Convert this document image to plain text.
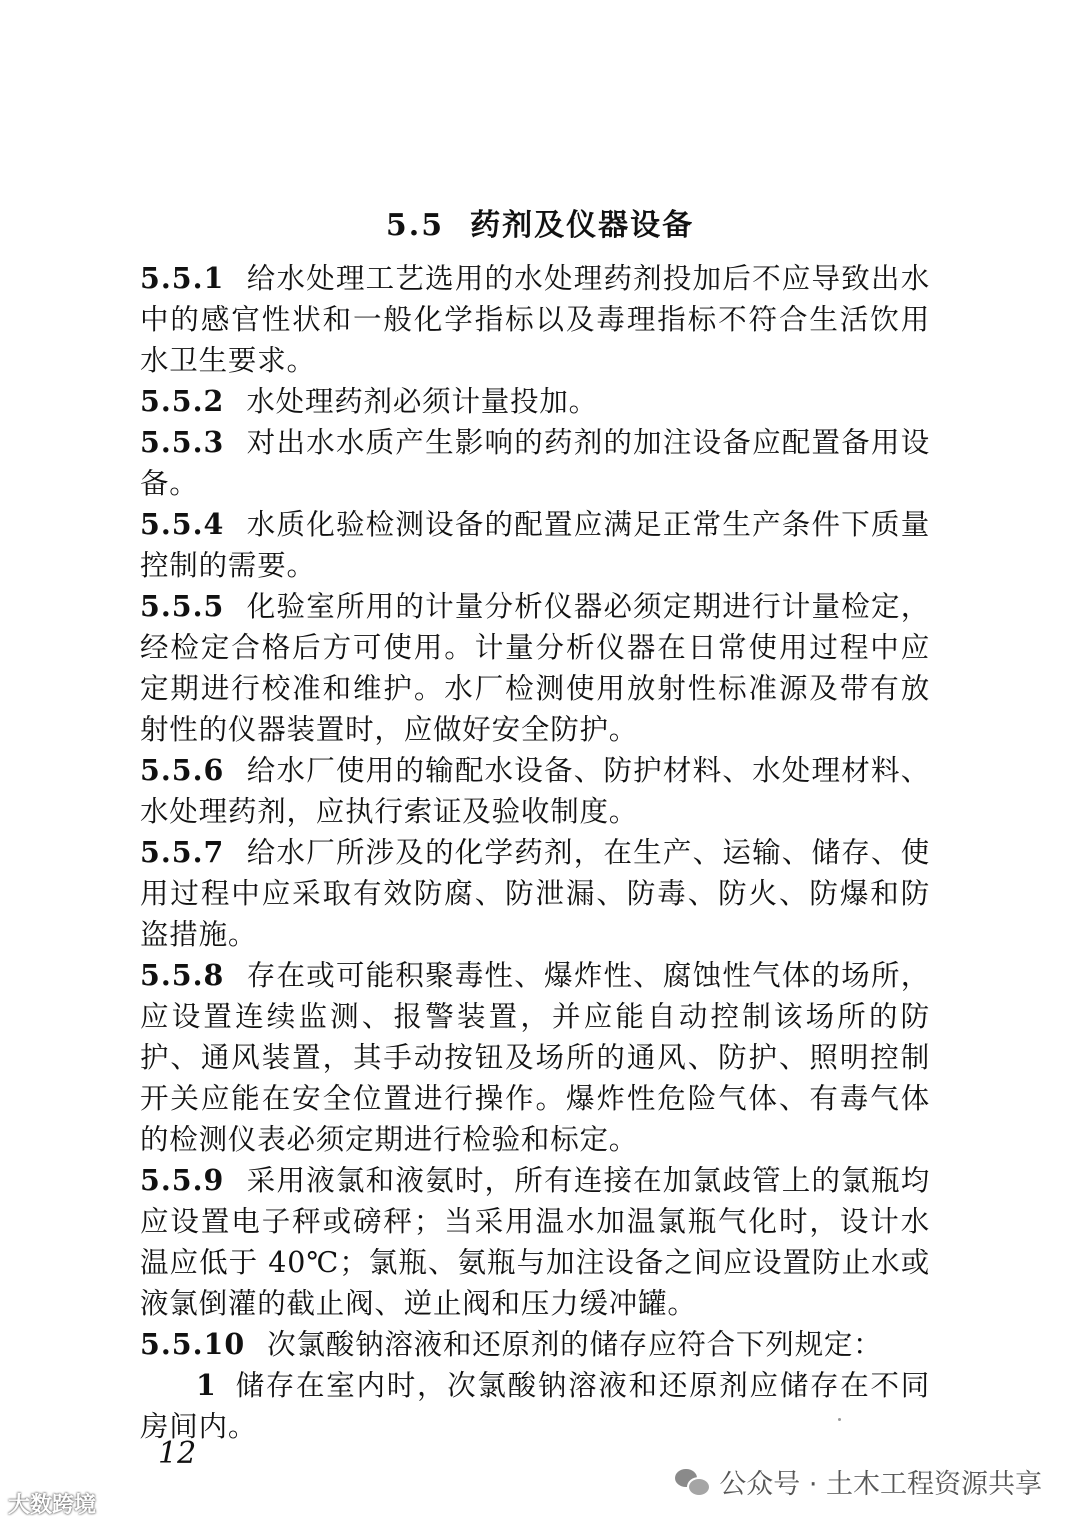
5.5 药剂及仪器设备

5.5.1 给水处理工艺选用的水处理药剂投加后不应导致出水中的感官性状和一般化学指标以及毒理指标不符合生活饮用水卫生要求。

5.5.2 水处理药剂必须计量投加。

5.5.3 对出水水质产生影响的药剂的加注设备应配置备用设备。

5.5.4 水质化验检测设备的配置应满足正常生产条件下质量控制的需要。

5.5.5 化验室所用的计量分析仪器必须定期进行计量检定，经检定合格后方可使用。计量分析仪器在日常使用过程中应定期进行校准和维护。水厂检测使用放射性标准源及带有放射性的仪器装置时，应做好安全防护。

5.5.6 给水厂使用的输配水设备、防护材料、水处理材料、水处理药剂，应执行索证及验收制度。

5.5.7 给水厂所涉及的化学药剂，在生产、运输、储存、使用过程中应采取有效防腐、防泄漏、防毒、防火、防爆和防盗措施。

5.5.8 存在或可能积聚毒性、爆炸性、腐蚀性气体的场所，应设置连续监测、报警装置，并应能自动控制该场所的防护、通风装置，其手动按钮及场所的通风、防护、照明控制开关应能在安全位置进行操作。爆炸性危险气体、有毒气体的检测仪表必须定期进行检验和标定。

5.5.9 采用液氯和液氨时，所有连接在加氯歧管上的氯瓶均应设置电子秤或磅秤；当采用温水加温氯瓶气化时，设计水温应低于 40℃；氯瓶、氨瓶与加注设备之间应设置防止水或液氯倒灌的截止阀、逆止阀和压力缓冲罐。

5.5.10 次氯酸钠溶液和还原剂的储存应符合下列规定：

1 储存在室内时，次氯酸钠溶液和还原剂应储存在不同房间内。

12
公众号 · 土木工程资源共享
大数跨境
